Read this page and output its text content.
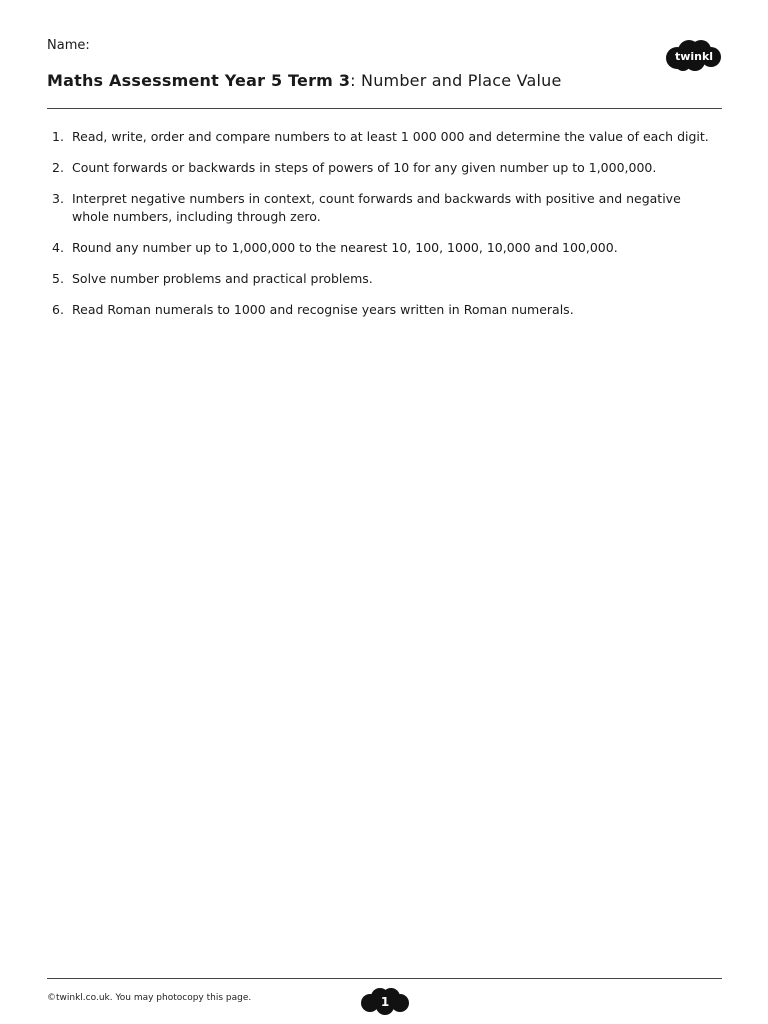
Name:
twinkl
Maths Assessment Year 5 Term 3: Number and Place Value
1. Read, write, order and compare numbers to at least 1 000 000 and determine the value of each digit.
2. Count forwards or backwards in steps of powers of 10 for any given number up to 1,000,000.
3. Interpret negative numbers in context, count forwards and backwards with positive and negative whole numbers, including through zero.
4. Round any number up to 1,000,000 to the nearest 10, 100, 1000, 10,000 and 100,000.
5. Solve number problems and practical problems.
6. Read Roman numerals to 1000 and recognise years written in Roman numerals.
©twinkl.co.uk. You may photocopy this page.	1
